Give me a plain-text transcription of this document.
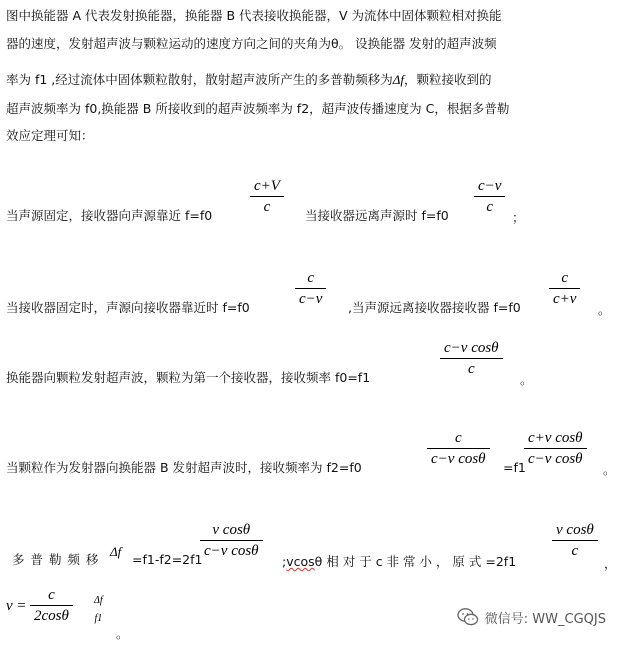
图中换能器 A 代表发射换能器，换能器 B 代表接收换能器，V 为流体中固体颗粒相对换能
器的速度，发射超声波与颗粒运动的速度方向之间的夹角为θ。 设换能器 发射的超声波频
率为 f1 ,经过流体中固体颗粒散射，散射超声波所产生的多普勒频移为Δf，颗粒接收到的
超声波频率为 f0,换能器 B 所接收到的超声波频率为 f2，超声波传播速度为 C，根据多普勒
效应定理可知：
当声源固定，接收器向声源靠近 f=f0
c+V
c
当接收器远离声源时 f=f0
c−v
c
；
当接收器固定时，声源向接收器靠近时 f=f0
c
c−v
,当声源远离接收器接收器 f=f0
c
c+v
。
换能器向颗粒发射超声波，颗粒为第一个接收器，接收频率 f0=f1
c−v cosθ
c
。
当颗粒作为发射器向换能器 B 发射超声波时，接收频率为 f2=f0
c
c−v cosθ
=f1
c+v cosθ
c−v cosθ
。
多 普 勒 频 移
Δf
=f1-f2=2f1
v cosθ
c−v cosθ
;vcosθ 相 对 于 c 非 常 小 ， 原 式 =2f1
v cosθ
c
，
v =
c
2cosθ
Δf
f1
。
微信号: WW_CGQJS
